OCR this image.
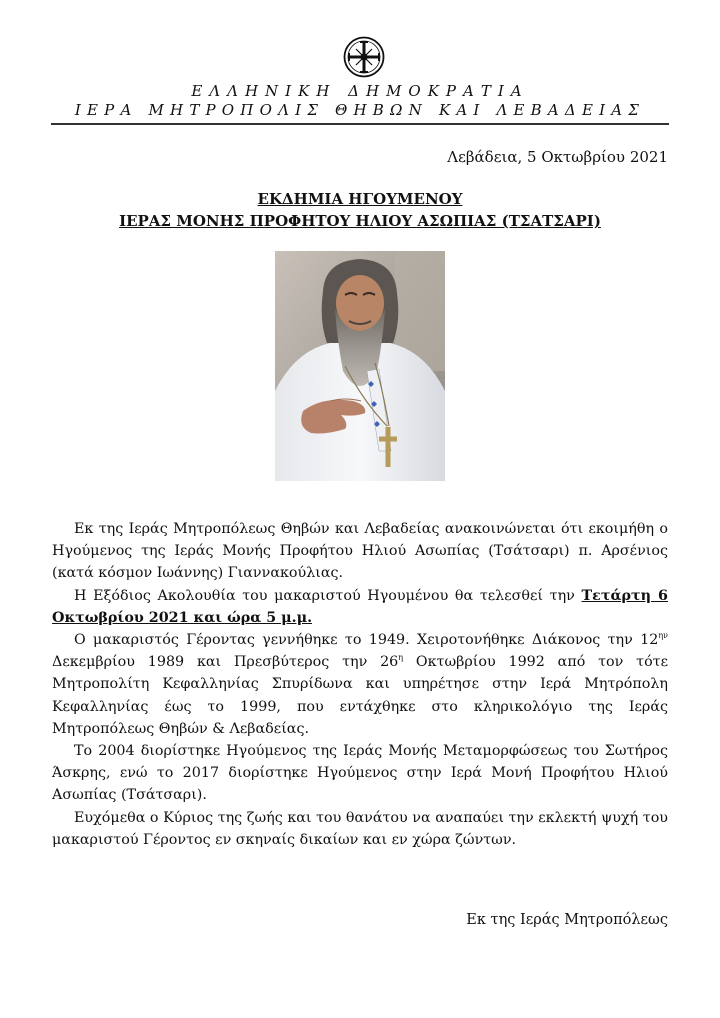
ΕΛΛΗΝΙΚΗ ΔΗΜΟΚΡΑΤΙΑ
ΙΕΡΑ ΜΗΤΡΟΠΟΛΙΣ ΘΗΒΩΝ ΚΑΙ ΛΕΒΑΔΕΙΑΣ
Λεβάδεια, 5 Οκτωβρίου 2021
ΕΚΔΗΜΙΑ ΗΓΟΥΜΕΝΟΥ
ΙΕΡΑΣ ΜΟΝΗΣ ΠΡΟΦΗΤΟΥ ΗΛΙΟΥ ΑΣΩΠΙΑΣ (ΤΣΑΤΣΑΡΙ)

Εκ της Ιεράς Μητροπόλεως Θηβών και Λεβαδείας ανακοινώνεται ότι εκοιμήθη ο Ηγούμενος της Ιεράς Μονής Προφήτου Ηλιού Ασωπίας (Τσάτσαρι) π. Αρσένιος (κατά κόσμον Ιωάννης) Γιαννακούλιας.

Η Εξόδιος Ακολουθία του μακαριστού Ηγουμένου θα τελεσθεί την Τετάρτη 6 Οκτωβρίου 2021 και ώρα 5 μ.μ.

Ο μακαριστός Γέροντας γεννήθηκε το 1949. Χειροτονήθηκε Διάκονος την $12^{\eta\nu}$ Δεκεμβρίου 1989 και Πρεσβύτερος την $26^\eta$ Οκτωβρίου 1992 από τον τότε Μητροπολίτη Κεφαλληνίας Σπυρίδωνα και υπηρέτησε στην Ιερά Μητρόπολη Κεφαλληνίας έως το 1999, που εντάχθηκε στο κληρικολόγιο της Ιεράς Μητροπόλεως Θηβών & Λεβαδείας.

Το 2004 διορίστηκε Ηγούμενος της Ιεράς Μονής Μεταμορφώσεως του Σωτήρος Άσκρης, ενώ το 2017 διορίστηκε Ηγούμενος στην Ιερά Μονή Προφήτου Ηλιού Ασωπίας (Τσάτσαρι).

Ευχόμεθα ο Κύριος της ζωής και του θανάτου να αναπαύει την εκλεκτή ψυχή του μακαριστού Γέροντος εν σκηναίς δικαίων και εν χώρα ζώντων.

Εκ της Ιεράς Μητροπόλεως
